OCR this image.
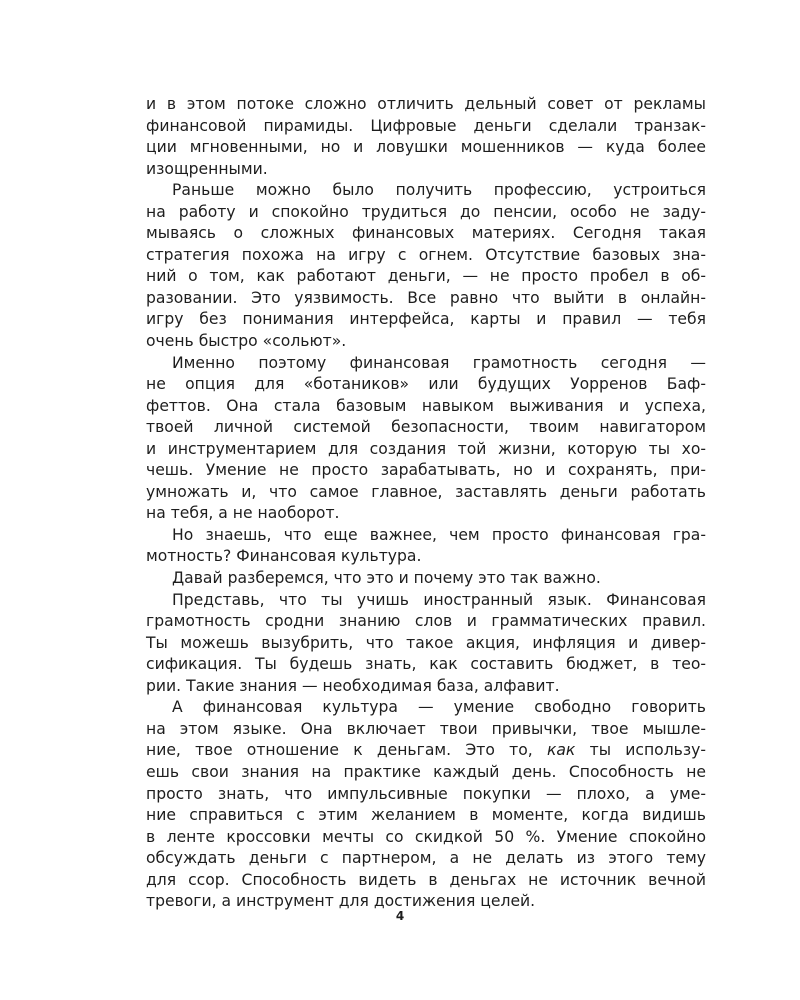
и в этом потоке сложно отличить дельный совет от рекламы
финансовой пирамиды. Цифровые деньги сделали транзак-
ции мгновенными, но и ловушки мошенников — куда более
изощренными.
Раньше можно было получить профессию, устроиться
на работу и спокойно трудиться до пенсии, особо не заду-
мываясь о сложных финансовых материях. Сегодня такая
стратегия похожа на игру с огнем. Отсутствие базовых зна-
ний о том, как работают деньги, — не просто пробел в об-
разовании. Это уязвимость. Все равно что выйти в онлайн-
игру без понимания интерфейса, карты и правил — тебя
очень быстро «сольют».
Именно поэтому финансовая грамотность сегодня —
не опция для «ботаников» или будущих Уорренов Баф-
феттов. Она стала базовым навыком выживания и успеха,
твоей личной системой безопасности, твоим навигатором
и инструментарием для создания той жизни, которую ты хо-
чешь. Умение не просто зарабатывать, но и сохранять, при-
умножать и, что самое главное, заставлять деньги работать
на тебя, а не наоборот.
Но знаешь, что еще важнее, чем просто финансовая гра-
мотность? Финансовая культура.
Давай разберемся, что это и почему это так важно.
Представь, что ты учишь иностранный язык. Финансовая
грамотность сродни знанию слов и грамматических правил.
Ты можешь вызубрить, что такое акция, инфляция и дивер-
сификация. Ты будешь знать, как составить бюджет, в тео-
рии. Такие знания — необходимая база, алфавит.
А финансовая культура — умение свободно говорить
на этом языке. Она включает твои привычки, твое мышле-
ние, твое отношение к деньгам. Это то, как ты использу-
ешь свои знания на практике каждый день. Способность не
просто знать, что импульсивные покупки — плохо, а уме-
ние справиться с этим желанием в моменте, когда видишь
в ленте кроссовки мечты со скидкой 50 %. Умение спокойно
обсуждать деньги с партнером, а не делать из этого тему
для ссор. Способность видеть в деньгах не источник вечной
тревоги, а инструмент для достижения целей.
4
